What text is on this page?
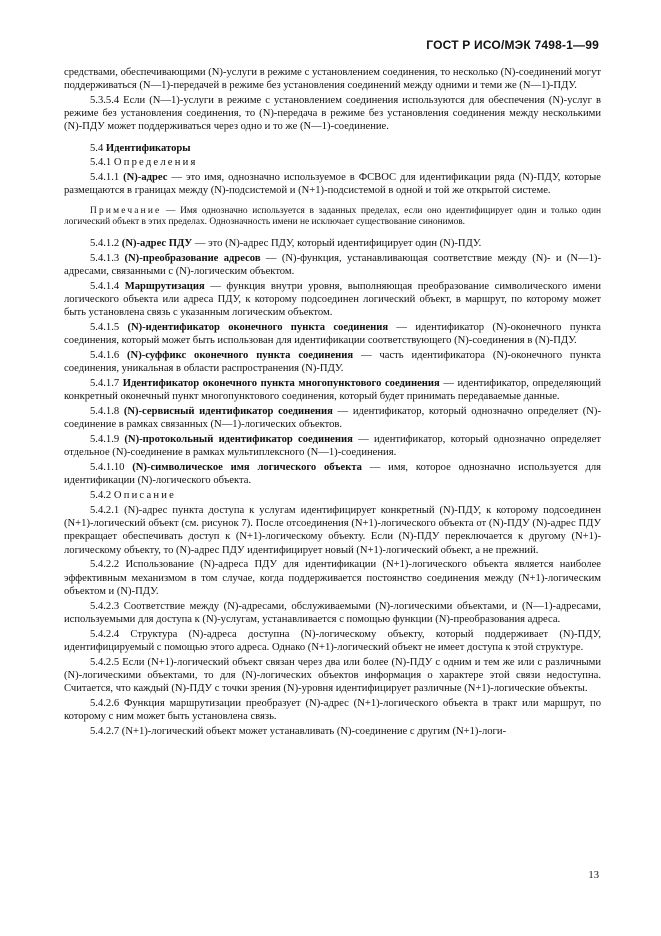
ГОСТ Р ИСО/МЭК 7498-1—99

средствами, обеспечивающими (N)-услуги в режиме с установлением соединения, то несколько (N)-соединений могут поддерживаться (N—1)-передачей в режиме без установления соединений между одними и теми же (N—1)-ПДУ.

5.3.5.4 Если (N—1)-услуги в режиме с установлением соединения используются для обеспечения (N)-услуг в режиме без установления соединения, то (N)-передача в режиме без установления соединения между несколькими (N)-ПДУ может поддерживаться через одно и то же (N—1)-соединение.

5.4 Идентификаторы

5.4.1 Определения

5.4.1.1 (N)-адрес — это имя, однозначно используемое в ФСВОС для идентификации ряда (N)-ПДУ, которые размещаются в границах между (N)-подсистемой и (N+1)-подсистемой в одной и той же открытой системе.

Примечание — Имя однозначно используется в заданных пределах, если оно идентифицирует один и только один логический объект в этих пределах. Однозначность имени не исключает существование синонимов.

5.4.1.2 (N)-адрес ПДУ — это (N)-адрес ПДУ, который идентифицирует один (N)-ПДУ.

5.4.1.3 (N)-преобразование адресов — (N)-функция, устанавливающая соответствие между (N)- и (N—1)-адресами, связанными с (N)-логическим объектом.

5.4.1.4 Маршрутизация — функция внутри уровня, выполняющая преобразование символического имени логического объекта или адреса ПДУ, к которому подсоединен логический объект, в маршрут, по которому может быть установлена связь с указанным логическим объектом.

5.4.1.5 (N)-идентификатор оконечного пункта соединения — идентификатор (N)-оконечного пункта соединения, который может быть использован для идентификации соответствующего (N)-соединения в (N)-ПДУ.

5.4.1.6 (N)-суффикс оконечного пункта соединения — часть идентификатора (N)-оконечного пункта соединения, уникальная в области распространения (N)-ПДУ.

5.4.1.7 Идентификатор оконечного пункта многопунктового соединения — идентификатор, определяющий конкретный оконечный пункт многопунктового соединения, который будет принимать передаваемые данные.

5.4.1.8 (N)-сервисный идентификатор соединения — идентификатор, который однозначно определяет (N)-соединение в рамках связанных (N—1)-логических объектов.

5.4.1.9 (N)-протокольный идентификатор соединения — идентификатор, который однозначно определяет отдельное (N)-соединение в рамках мультиплексного (N—1)-соединения.

5.4.1.10 (N)-символическое имя логического объекта — имя, которое однозначно используется для идентификации (N)-логического объекта.

5.4.2 Описание

5.4.2.1 (N)-адрес пункта доступа к услугам идентифицирует конкретный (N)-ПДУ, к которому подсоединен (N+1)-логический объект (см. рисунок 7). После отсоединения (N+1)-логического объекта от (N)-ПДУ (N)-адрес ПДУ прекращает обеспечивать доступ к (N+1)-логическому объекту. Если (N)-ПДУ переключается к другому (N+1)-логическому объекту, то (N)-адрес ПДУ идентифицирует новый (N+1)-логический объект, а не прежний.

5.4.2.2 Использование (N)-адреса ПДУ для идентификации (N+1)-логического объекта является наиболее эффективным механизмом в том случае, когда поддерживается постоянство соединения между (N+1)-логическим объектом и (N)-ПДУ.

5.4.2.3 Соответствие между (N)-адресами, обслуживаемыми (N)-логическими объектами, и (N—1)-адресами, используемыми для доступа к (N)-услугам, устанавливается с помощью функции (N)-преобразования адреса.

5.4.2.4 Структура (N)-адреса доступна (N)-логическому объекту, который поддерживает (N)-ПДУ, идентифицируемый с помощью этого адреса. Однако (N+1)-логический объект не имеет доступа к этой структуре.

5.4.2.5 Если (N+1)-логический объект связан через два или более (N)-ПДУ с одним и тем же или с различными (N)-логическими объектами, то для (N)-логических объектов информация о характере этой связи недоступна. Считается, что каждый (N)-ПДУ с точки зрения (N)-уровня идентифицирует различные (N+1)-логические объекты.

5.4.2.6 Функция маршрутизации преобразует (N)-адрес (N+1)-логического объекта в тракт или маршрут, по которому с ним может быть установлена связь.

5.4.2.7 (N+1)-логический объект может устанавливать (N)-соединение с другим (N+1)-логи-

13
